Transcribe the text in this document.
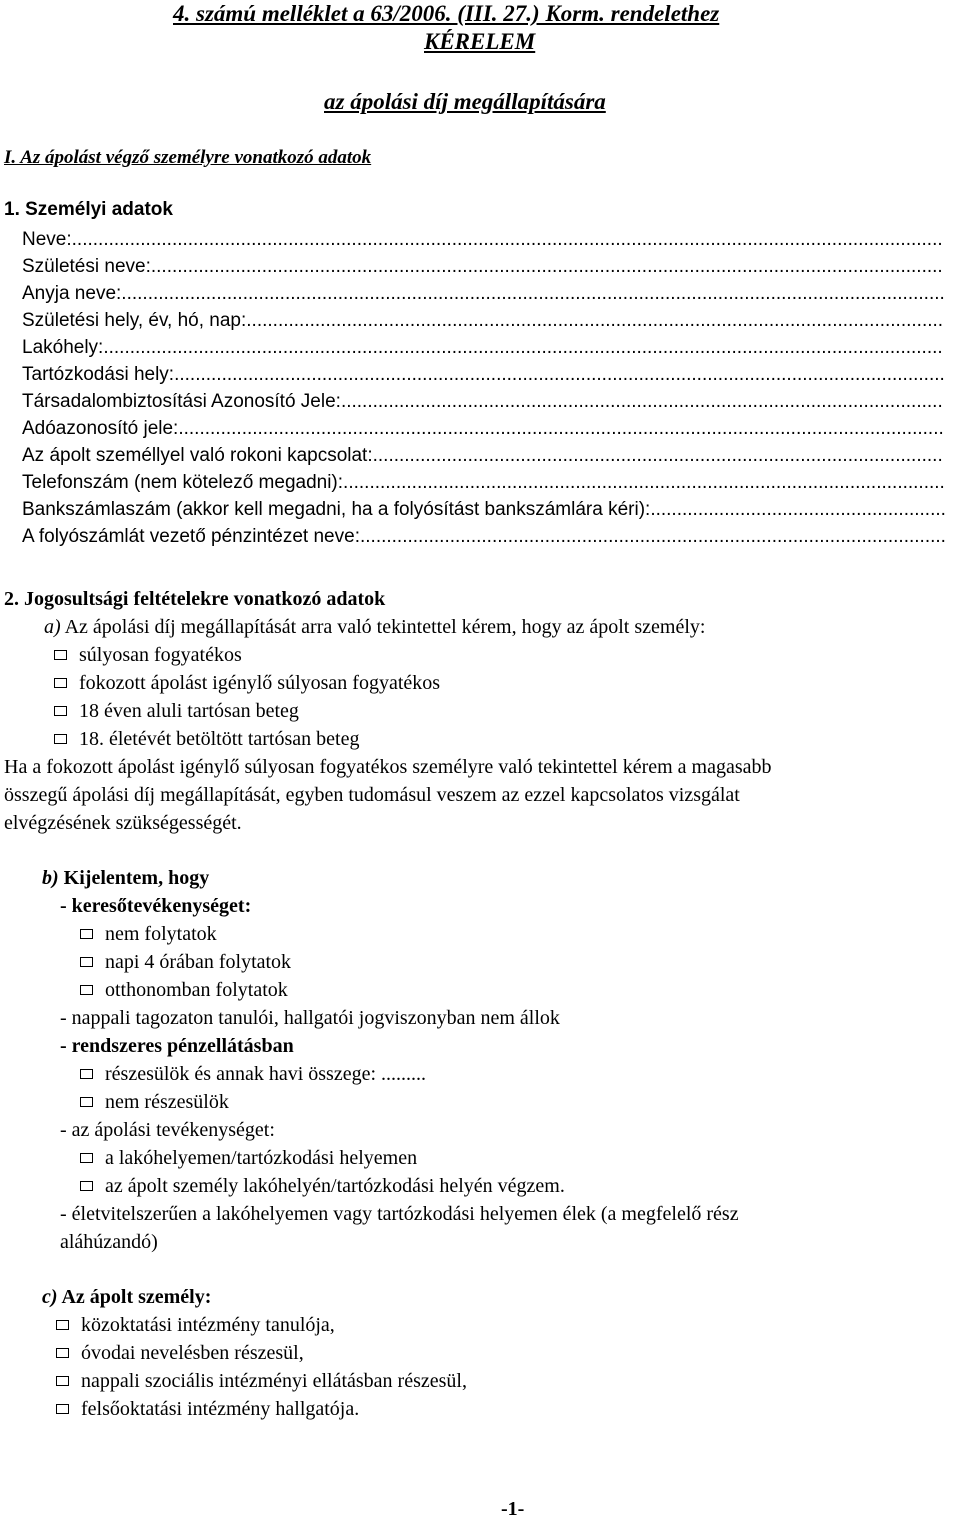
4. számú melléklet a 63/2006. (III. 27.) Korm. rendelethez
KÉRELEM
az ápolási díj megállapítására
I. Az ápolást végző személyre vonatkozó adatok
1. Személyi adatok
Neve:.....................................................................................................................................................................
Születési neve:......................................................................................................................................................
Anyja neve:............................................................................................................................................................
Születési hely, év, hó, nap:....................................................................................................................................
Lakóhely:...............................................................................................................................................................
Tartózkodási hely:..................................................................................................................................................
Társadalombiztosítási Azonosító Jele:..................................................................................................................
Adóazonosító jele:.................................................................................................................................................
Az ápolt személlyel való rokoni kapcsolat:............................................................................................................
Telefonszám (nem kötelező megadni):..................................................................................................................
Bankszámlaszám (akkor kell megadni, ha a folyósítást bankszámlára kéri):........................................................
A folyószámlát vezető pénzintézet neve:...............................................................................................................
2. Jogosultsági feltételekre vonatkozó adatok
a) Az ápolási díj megállapítását arra való tekintettel kérem, hogy az ápolt személy:
súlyosan fogyatékos
fokozott ápolást igénylő súlyosan fogyatékos
18 éven aluli tartósan beteg
18. életévét betöltött tartósan beteg
Ha a fokozott ápolást igénylő súlyosan fogyatékos személyre való tekintettel kérem a magasabb
összegű ápolási díj megállapítását, egyben tudomásul veszem az ezzel kapcsolatos vizsgálat
elvégzésének szükségességét.
b) Kijelentem, hogy
- keresőtevékenységet:
nem folytatok
napi 4 órában folytatok
otthonomban folytatok
- nappali tagozaton tanulói, hallgatói jogviszonyban nem állok
- rendszeres pénzellátásban
részesülök és annak havi összege: .........
nem részesülök
- az ápolási tevékenységet:
a lakóhelyemen/tartózkodási helyemen
az ápolt személy lakóhelyén/tartózkodási helyén végzem.
- életvitelszerűen a lakóhelyemen vagy tartózkodási helyemen élek (a megfelelő rész
aláhúzandó)
c) Az ápolt személy:
közoktatási intézmény tanulója,
óvodai nevelésben részesül,
nappali szociális intézményi ellátásban részesül,
felsőoktatási intézmény hallgatója.
-1-
